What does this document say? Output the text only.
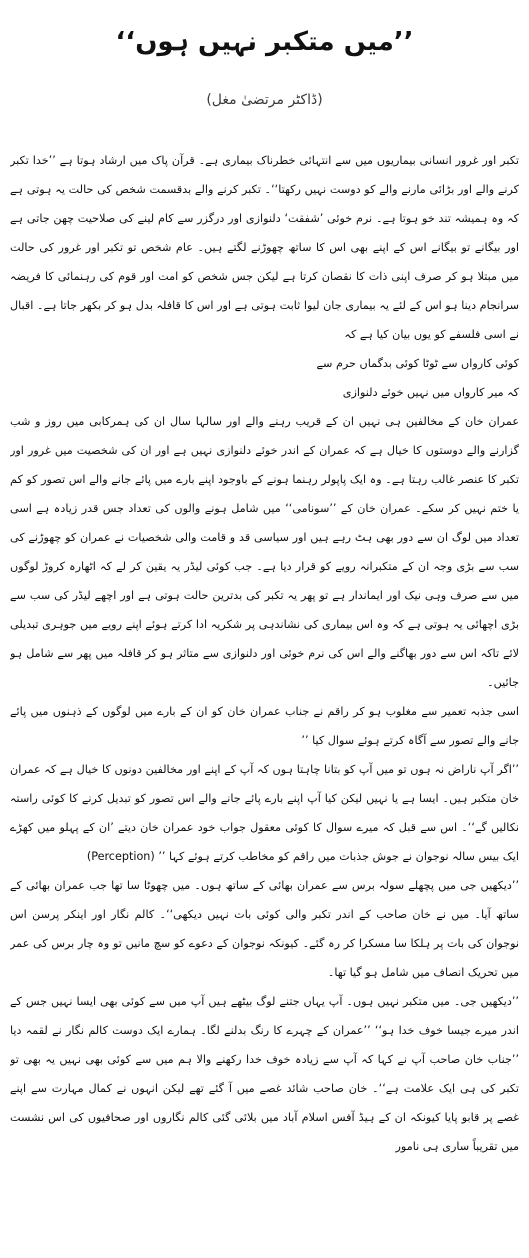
’’میں متکبر نہیں ہوں‘‘
(ڈاکٹر مرتضیٰ مغل)

تکبر اور غرور انسانی بیماریوں میں سے انتہائی خطرناک بیماری ہے۔ قرآن پاک میں ارشاد ہوتا ہے ’’خدا تکبر کرنے والے اور بڑائی مارنے والے کو دوست نہیں رکھتا‘‘۔ تکبر کرنے والے بدقسمت شخص کی حالت یہ ہوتی ہے کہ وہ ہمیشہ تند خو ہوتا ہے۔ نرم خوئی ’شفقت‘ دلنوازی اور درگزر سے کام لینے کی صلاحیت چھن جاتی ہے اور بیگانے تو بیگانے اس کے اپنے بھی اس کا ساتھ چھوڑنے لگتے ہیں۔ عام شخص تو تکبر اور غرور کی حالت میں مبتلا ہو کر صرف اپنی ذات کا نقصان کرتا ہے لیکن جس شخص کو امت اور قوم کی رہنمائی کا فریضہ سرانجام دینا ہو اس کے لئے یہ بیماری جان لیوا ثابت ہوتی ہے اور اس کا قافلہ بدل ہو کر بکھر جاتا ہے۔ اقبال نے اسی فلسفے کو یوں بیان کیا ہے کہ

کوئی کارواں سے ٹوٹا کوئی بدگماں حرم سے

کہ میر کارواں میں نہیں خوئے دلنوازی

عمران خان کے مخالفین ہی نہیں ان کے قریب رہنے والے اور سالہا سال ان کی ہمرکابی میں روز و شب گزارنے والے دوستوں کا خیال ہے کہ عمران کے اندر خوئے دلنوازی نہیں ہے اور ان کی شخصیت میں غرور اور تکبر کا عنصر غالب رہتا ہے۔ وہ ایک پاپولر رہنما ہونے کے باوجود اپنے بارے میں پائے جانے والے اس تصور کو کم یا ختم نہیں کر سکے۔ عمران خان کے ’’سونامی‘‘ میں شامل ہونے والوں کی تعداد جس قدر زیادہ ہے اسی تعداد میں لوگ ان سے دور بھی ہٹ رہے ہیں اور سیاسی قد و قامت والی شخصیات نے عمران کو چھوڑنے کی سب سے بڑی وجہ ان کے متکبرانہ رویے کو قرار دیا ہے۔ جب کوئی لیڈر یہ یقین کر لے کہ اٹھارہ کروڑ لوگوں میں سے صرف وہی نیک اور ایماندار ہے تو پھر یہ تکبر کی بدترین حالت ہوتی ہے اور اچھے لیڈر کی سب سے بڑی اچھائی یہ ہوتی ہے کہ وہ اس بیماری کی نشاندہی پر شکریہ ادا کرتے ہوئے اپنے رویے میں جوہری تبدیلی لائے تاکہ اس سے دور بھاگنے والے اس کی نرم خوئی اور دلنوازی سے متاثر ہو کر قافلہ میں پھر سے شامل ہو جائیں۔

اسی جذبہ تعمیر سے مغلوب ہو کر راقم نے جناب عمران خان کو ان کے بارے میں لوگوں کے ذہنوں میں پائے جانے والے تصور سے آگاہ کرتے ہوئے سوال کیا ’’

’’اگر آپ ناراض نہ ہوں تو میں آپ کو بتانا چاہتا ہوں کہ آپ کے اپنے اور مخالفین دونوں کا خیال ہے کہ عمران خان متکبر ہیں۔ ایسا ہے یا نہیں لیکن کیا آپ اپنے بارے پائے جانے والے اس تصور کو تبدیل کرنے کا کوئی راستہ نکالیں گے‘‘۔ اس سے قبل کہ میرے سوال کا کوئی معقول جواب خود عمران خان دیتے ’ان کے پہلو میں کھڑے ایک بیس سالہ نوجوان نے جوش جذبات میں راقم کو مخاطب کرتے ہوئے کہا ’’ (Perception)

’’دیکھیں جی میں پچھلے سولہ برس سے عمران بھائی کے ساتھ ہوں۔ میں چھوٹا سا تھا جب عمران بھائی کے ساتھ آیا۔ میں نے خان صاحب کے اندر تکبر والی کوئی بات نہیں دیکھی‘‘۔ کالم نگار اور اینکر پرسن اس نوجوان کی بات پر ہلکا سا مسکرا کر رہ گئے۔ کیونکہ نوجوان کے دعوے کو سچ مانیں تو وہ چار برس کی عمر میں تحریک انصاف میں شامل ہو گیا تھا۔

’’دیکھیں جی۔ میں متکبر نہیں ہوں۔ آپ یہاں جتنے لوگ بیٹھے ہیں آپ میں سے کوئی بھی ایسا نہیں جس کے اندر میرے جیسا خوف خدا ہو‘‘ ’’عمران کے چہرے کا رنگ بدلنے لگا۔ ہمارے ایک دوست کالم نگار نے لقمہ دیا ’’جناب خان صاحب آپ نے کہا کہ آپ سے زیادہ خوف خدا رکھنے والا ہم میں سے کوئی بھی نہیں یہ بھی تو تکبر کی ہی ایک علامت ہے‘‘۔ خان صاحب شائد غصے میں آ گئے تھے لیکن انہوں نے کمال مہارت سے اپنے غصے پر قابو پایا کیونکہ ان کے ہیڈ آفس اسلام آباد میں بلائی گئی کالم نگاروں اور صحافیوں کی اس نشست میں تقریباً ساری ہی نامور
